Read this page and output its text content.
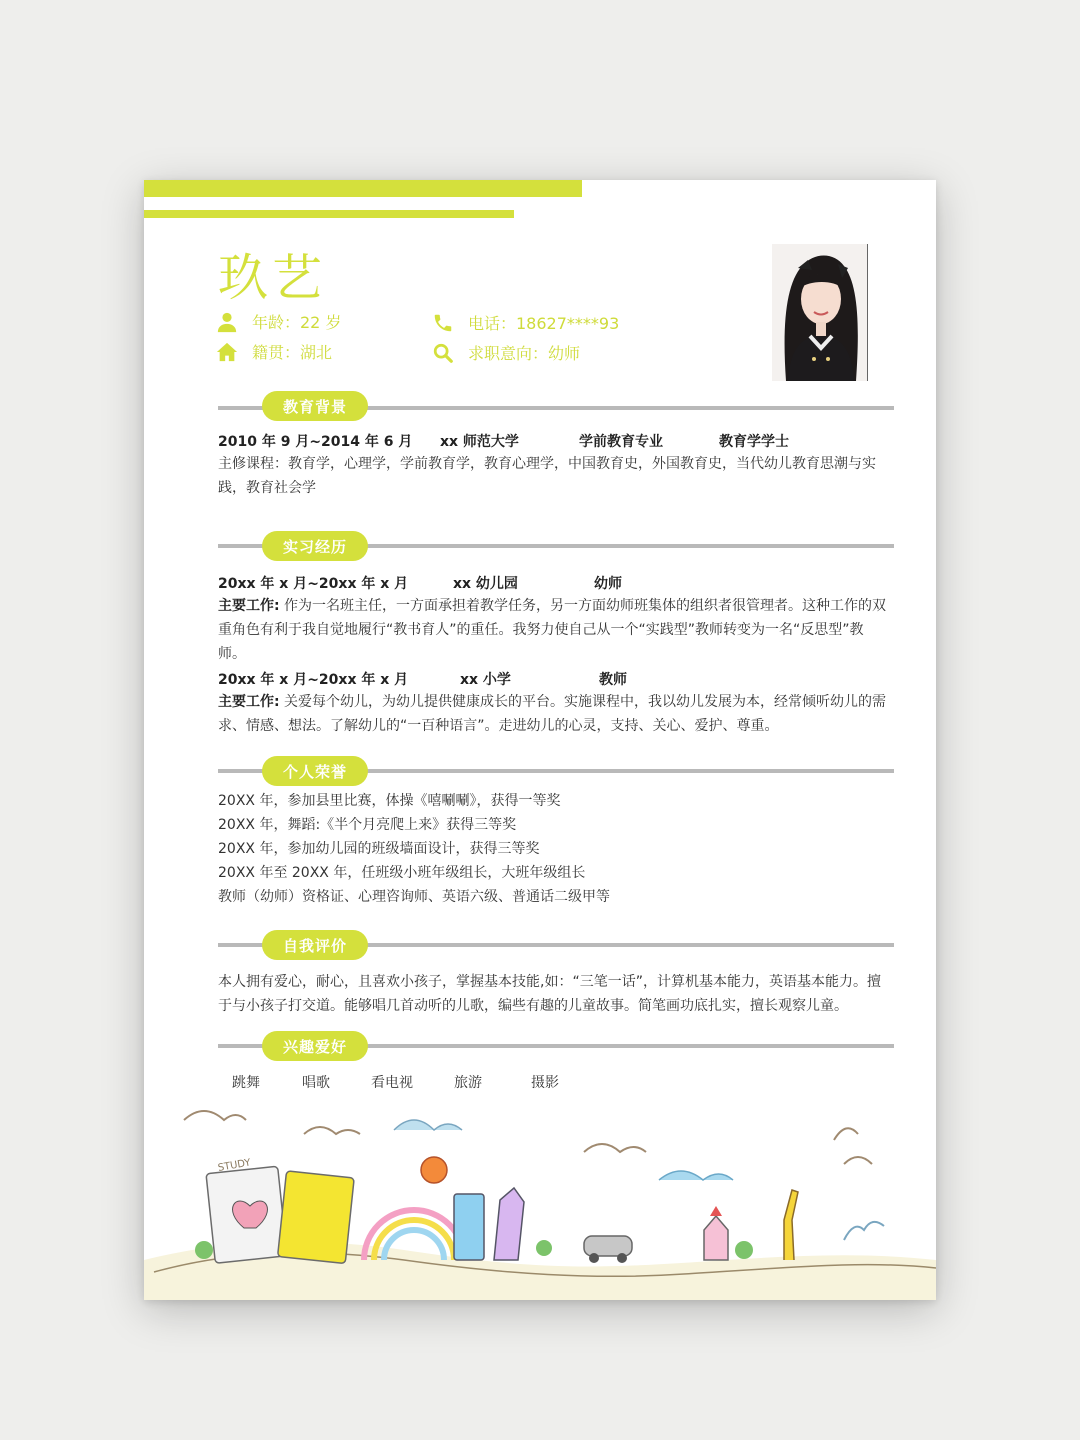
玖艺
年龄：22 岁
籍贯：湖北
电话：18627****93
求职意向：幼师
教育背景
2010 年 9 月~2014 年 6 月 xx 师范大学	学前教育专业	教育学学士
主修课程：教育学，心理学，学前教育学，教育心理学，中国教育史，外国教育史，当代幼儿教育思潮与实践，教育社会学
实习经历
20xx 年 x 月~20xx 年 x 月	xx 幼儿园	幼师
主要工作: 作为一名班主任，一方面承担着教学任务，另一方面幼师班集体的组织者很管理者。这种工作的双重角色有利于我自觉地履行“教书育人”的重任。我努力使自己从一个“实践型”教师转变为一名“反思型”教师。
20xx 年 x 月~20xx 年 x 月	xx 小学	教师
主要工作: 关爱每个幼儿，为幼儿提供健康成长的平台。实施课程中，我以幼儿发展为本，经常倾听幼儿的需求、情感、想法。了解幼儿的“一百种语言”。走进幼儿的心灵，支持、关心、爱护、尊重。
个人荣誉
20XX 年，参加县里比赛，体操《嘻唰唰》，获得一等奖
20XX 年，舞蹈:《半个月亮爬上来》获得三等奖
20XX 年，参加幼儿园的班级墙面设计，获得三等奖
20XX 年至 20XX 年，任班级小班年级组长，大班年级组长
教师（幼师）资格证、心理咨询师、英语六级、普通话二级甲等
自我评价
本人拥有爱心，耐心，且喜欢小孩子，掌握基本技能,如：“三笔一话”，计算机基本能力，英语基本能力。擅于与小孩子打交道。能够唱几首动听的儿歌，编些有趣的儿童故事。简笔画功底扎实，擅长观察儿童。
兴趣爱好
跳舞	唱歌	看电视	旅游	摄影
STUDY
